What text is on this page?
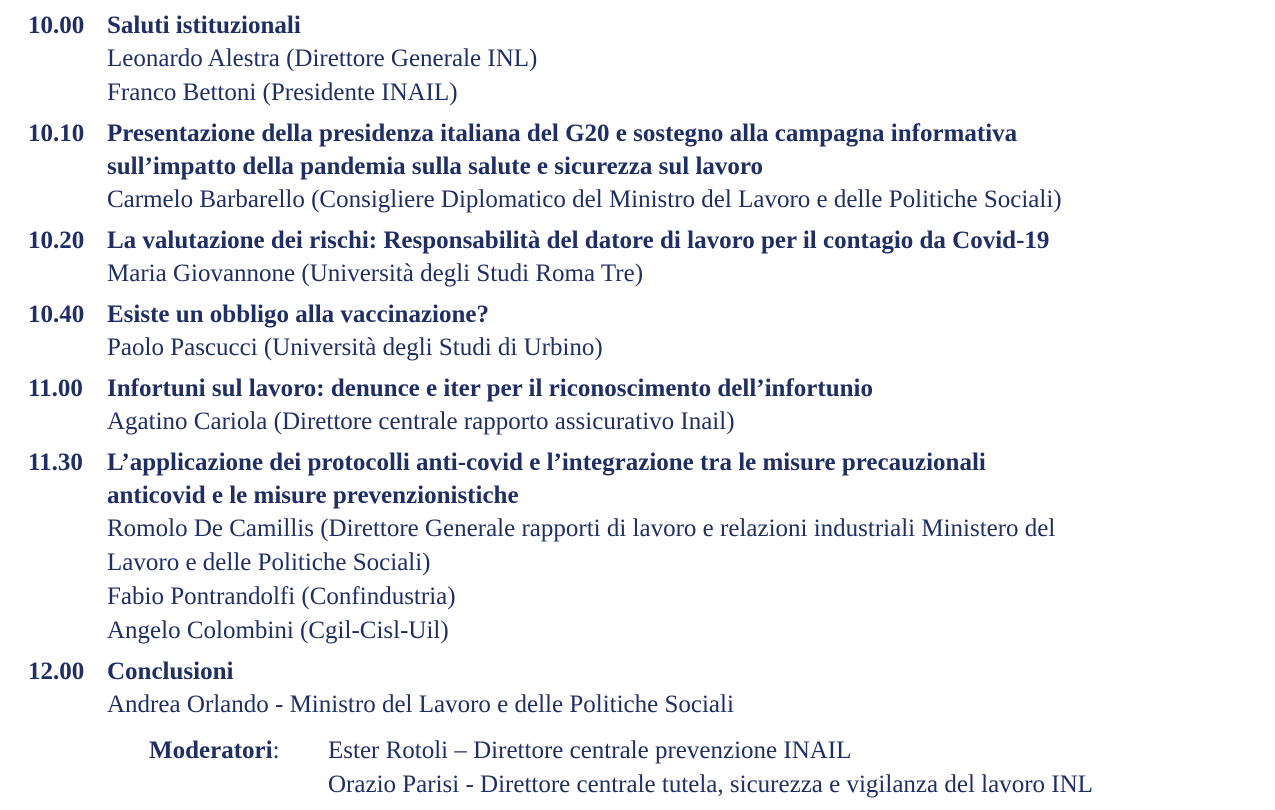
10.00 Saluti istituzionali
Leonardo Alestra (Direttore Generale INL)
Franco Bettoni (Presidente INAIL)
10.10 Presentazione della presidenza italiana del G20 e sostegno alla campagna informativa
sull’impatto della pandemia sulla salute e sicurezza sul lavoro
Carmelo Barbarello (Consigliere Diplomatico del Ministro del Lavoro e delle Politiche Sociali)
10.20 La valutazione dei rischi: Responsabilità del datore di lavoro per il contagio da Covid-19
Maria Giovannone (Università degli Studi Roma Tre)
10.40 Esiste un obbligo alla vaccinazione?
Paolo Pascucci (Università degli Studi di Urbino)
11.00 Infortuni sul lavoro: denunce e iter per il riconoscimento dell’infortunio
Agatino Cariola (Direttore centrale rapporto assicurativo Inail)
11.30 L’applicazione dei protocolli anti-covid e l’integrazione tra le misure precauzionali
anticovid e le misure prevenzionistiche
Romolo De Camillis (Direttore Generale rapporti di lavoro e relazioni industriali Ministero del
Lavoro e delle Politiche Sociali)
Fabio Pontrandolfi (Confindustria)
Angelo Colombini (Cgil-Cisl-Uil)
12.00 Conclusioni
Andrea Orlando - Ministro del Lavoro e delle Politiche Sociali
Moderatori:	Ester Rotoli – Direttore centrale prevenzione INAIL
Orazio Parisi - Direttore centrale tutela, sicurezza e vigilanza del lavoro INL
